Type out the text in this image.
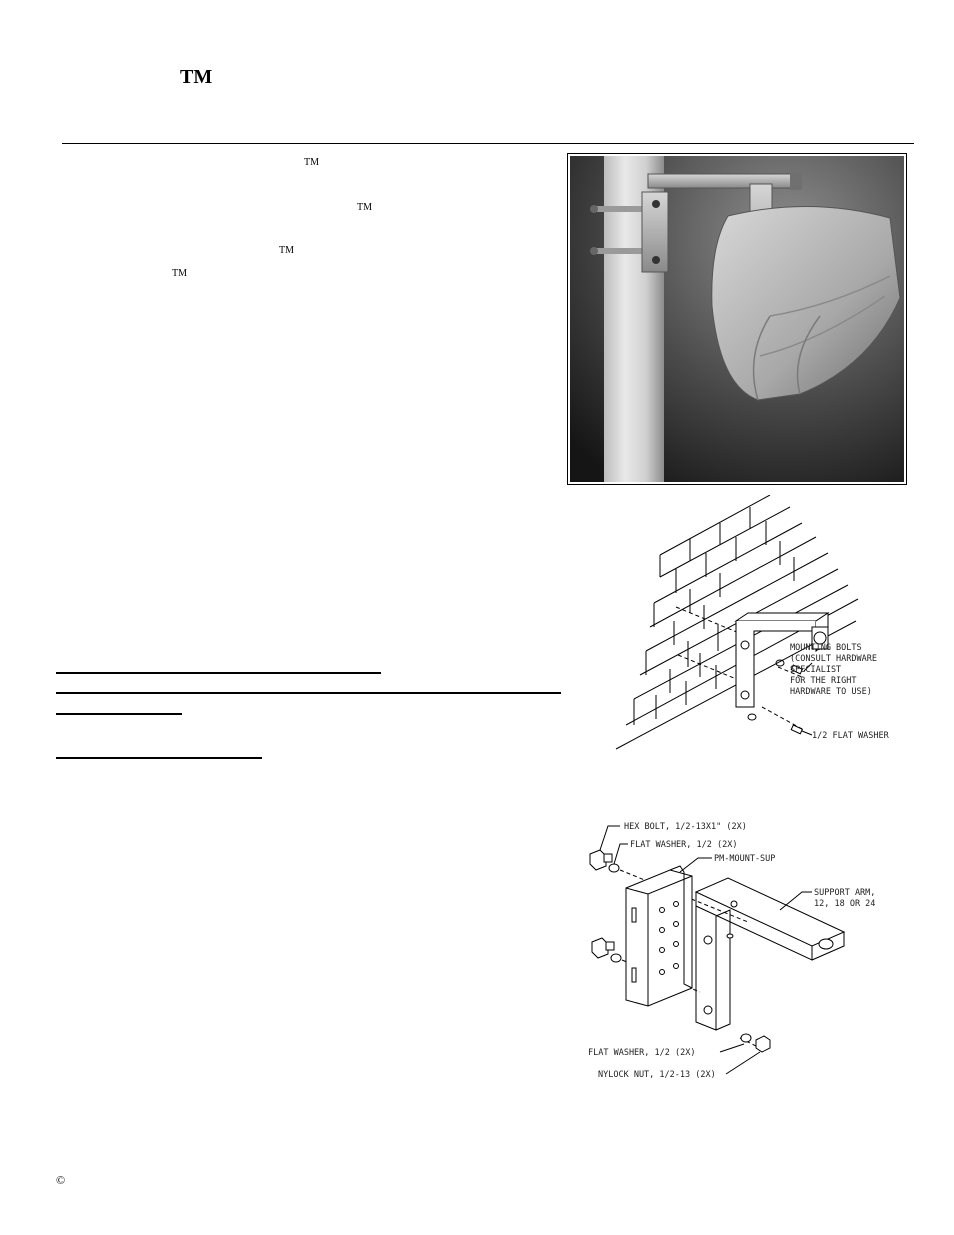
TM
TM
TM
TM
TM
MOUNTING BOLTS
(CONSULT HARDWARE
SPECIALIST
FOR THE RIGHT
HARDWARE TO USE)
1/2 FLAT WASHER
HEX BOLT, 1/2-13X1" (2X)
FLAT WASHER, 1/2 (2X)
PM-MOUNT-SUP
SUPPORT ARM,
12, 18 OR 24
FLAT WASHER, 1/2 (2X)
NYLOCK NUT, 1/2-13 (2X)
©
